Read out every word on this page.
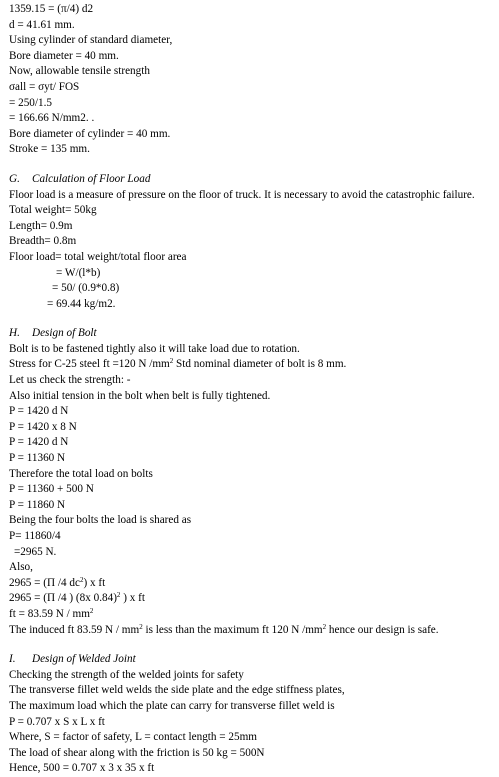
1359.15 = (π/4) d2
d = 41.61 mm.
Using cylinder of standard diameter,
Bore diameter = 40 mm.
Now, allowable tensile strength
σall = σyt/ FOS
= 250/1.5
= 166.66 N/mm2. .
Bore diameter of cylinder = 40 mm.
Stroke = 135 mm.
G. Calculation of Floor Load
Floor load is a measure of pressure on the floor of truck. It is necessary to avoid the catastrophic failure.
Total weight= 50kg
Length= 0.9m
Breadth= 0.8m
Floor load= total weight/total floor area
= W/(l*b)
= 50/ (0.9*0.8)
= 69.44 kg/m2.
H. Design of Bolt
Bolt is to be fastened tightly also it will take load due to rotation.
Stress for C-25 steel ft =120 N $/mm^2$ Std nominal diameter of bolt is 8 mm.
Let us check the strength: -
Also initial tension in the bolt when belt is fully tightened.
P = 1420 d N
P = 1420 x 8 N
P = 1420 d N
P = 11360 N
Therefore the total load on bolts
P = 11360 + 500 N
P = 11860 N
Being the four bolts the load is shared as
P= 11860/4
=2965 N.
Also,
2965 = (Π /4 $dc^2$) x ft
2965 = (Π /4 ) (8x 0.84)$^2$ ) x ft
ft = 83.59 N / $mm^2$
The induced ft 83.59 N / $mm^2$ is less than the maximum ft 120 N $/mm^2$ hence our design is safe.
I. Design of Welded Joint
Checking the strength of the welded joints for safety
The transverse fillet weld welds the side plate and the edge stiffness plates,
The maximum load which the plate can carry for transverse fillet weld is
P = 0.707 x S x L x ft
Where, S = factor of safety, L = contact length = 25mm
The load of shear along with the friction is 50 kg = 500N
Hence, 500 = 0.707 x 3 x 35 x ft
